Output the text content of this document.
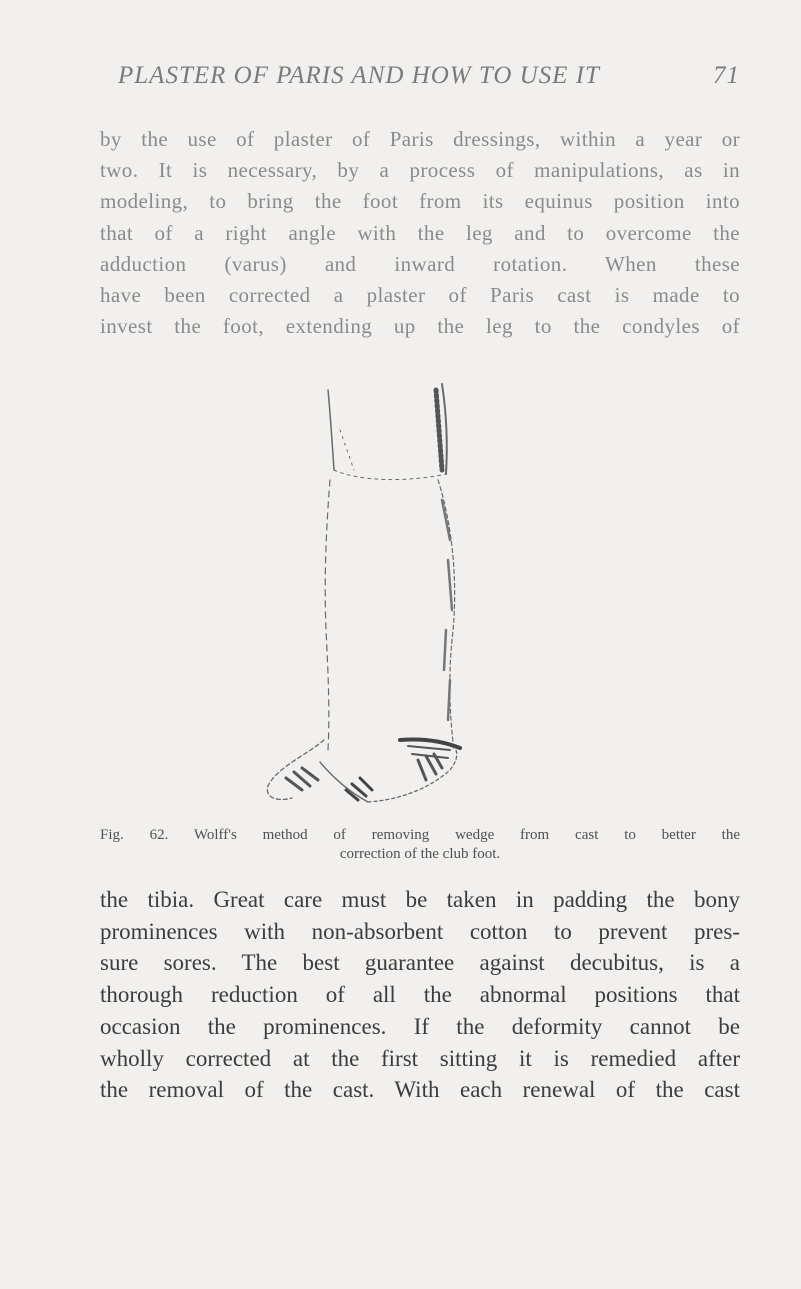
PLASTER OF PARIS AND HOW TO USE IT	71
by the use of plaster of Paris dressings, within a year or
two. It is necessary, by a process of manipulations, as in
modeling, to bring the foot from its equinus position into
that of a right angle with the leg and to overcome the
adduction (varus) and inward rotation. When these
have been corrected a plaster of Paris cast is made to
invest the foot, extending up the leg to the condyles of
Fig. 62. Wolff's method of removing wedge from cast to better the
correction of the club foot.
the tibia. Great care must be taken in padding the bony
prominences with non-absorbent cotton to prevent pres-
sure sores. The best guarantee against decubitus, is a
thorough reduction of all the abnormal positions that
occasion the prominences. If the deformity cannot be
wholly corrected at the first sitting it is remedied after
the removal of the cast. With each renewal of the cast
